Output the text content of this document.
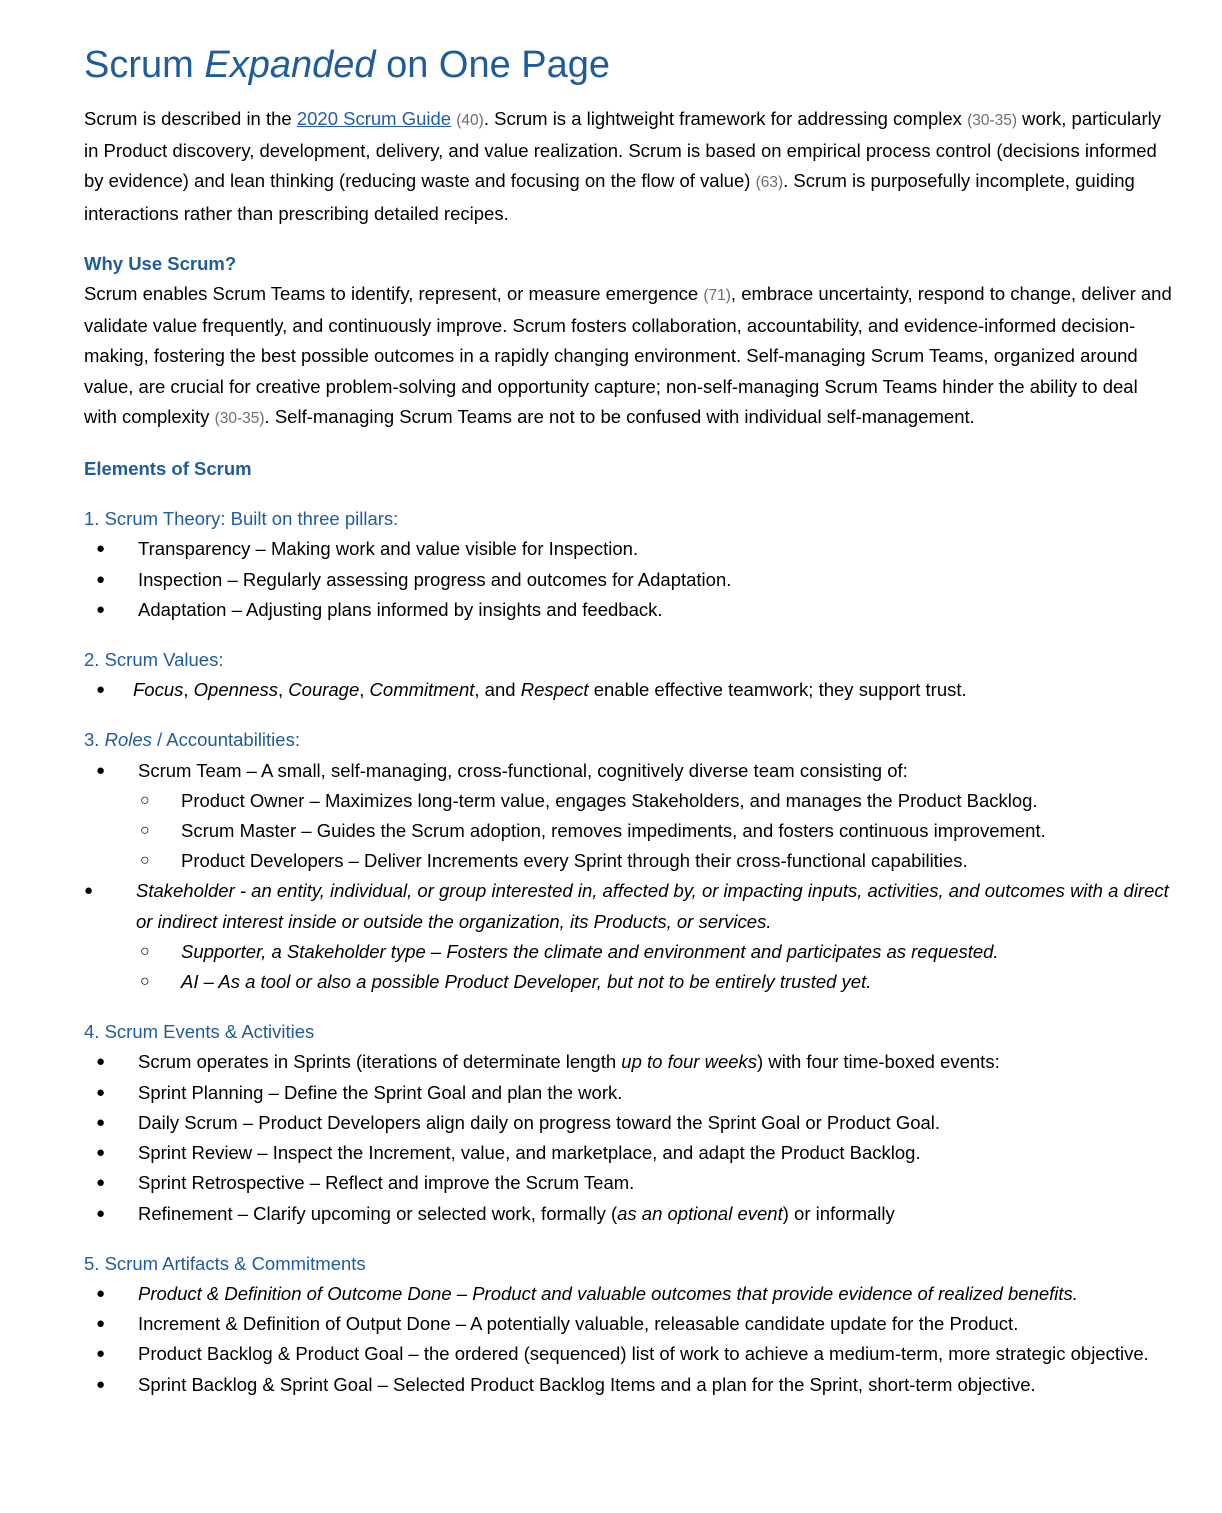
Scrum Expanded on One Page

Scrum is described in the 2020 Scrum Guide (40). Scrum is a lightweight framework for addressing complex (30-35) work, particularly in Product discovery, development, delivery, and value realization. Scrum is based on empirical process control (decisions informed by evidence) and lean thinking (reducing waste and focusing on the flow of value) (63). Scrum is purposefully incomplete, guiding interactions rather than prescribing detailed recipes.

Why Use Scrum?

Scrum enables Scrum Teams to identify, represent, or measure emergence (71), embrace uncertainty, respond to change, deliver and validate value frequently, and continuously improve. Scrum fosters collaboration, accountability, and evidence-informed decision-making, fostering the best possible outcomes in a rapidly changing environment. Self-managing Scrum Teams, organized around value, are crucial for creative problem-solving and opportunity capture; non-self-managing Scrum Teams hinder the ability to deal with complexity (30-35). Self-managing Scrum Teams are not to be confused with individual self-management.

Elements of Scrum
1. Scrum Theory: Built on three pillars:
● Transparency – Making work and value visible for Inspection.
● Inspection – Regularly assessing progress and outcomes for Adaptation.
● Adaptation – Adjusting plans informed by insights and feedback.
2. Scrum Values:
● Focus, Openness, Courage, Commitment, and Respect enable effective teamwork; they support trust.
3. Roles / Accountabilities:
● Scrum Team – A small, self-managing, cross-functional, cognitively diverse team consisting of:
○ Product Owner – Maximizes long-term value, engages Stakeholders, and manages the Product Backlog.
○ Scrum Master – Guides the Scrum adoption, removes impediments, and fosters continuous improvement.
○ Product Developers – Deliver Increments every Sprint through their cross-functional capabilities.
● Stakeholder - an entity, individual, or group interested in, affected by, or impacting inputs, activities, and outcomes with a direct or indirect interest inside or outside the organization, its Products, or services.
○ Supporter, a Stakeholder type – Fosters the climate and environment and participates as requested.
○ AI – As a tool or also a possible Product Developer, but not to be entirely trusted yet.
4. Scrum Events & Activities
● Scrum operates in Sprints (iterations of determinate length up to four weeks) with four time-boxed events:
● Sprint Planning – Define the Sprint Goal and plan the work.
● Daily Scrum – Product Developers align daily on progress toward the Sprint Goal or Product Goal.
● Sprint Review – Inspect the Increment, value, and marketplace, and adapt the Product Backlog.
● Sprint Retrospective – Reflect and improve the Scrum Team.
● Refinement – Clarify upcoming or selected work, formally (as an optional event) or informally
5. Scrum Artifacts & Commitments
● Product & Definition of Outcome Done – Product and valuable outcomes that provide evidence of realized benefits.
● Increment & Definition of Output Done – A potentially valuable, releasable candidate update for the Product.
● Product Backlog & Product Goal – the ordered (sequenced) list of work to achieve a medium-term, more strategic objective.
● Sprint Backlog & Sprint Goal – Selected Product Backlog Items and a plan for the Sprint, short-term objective.
